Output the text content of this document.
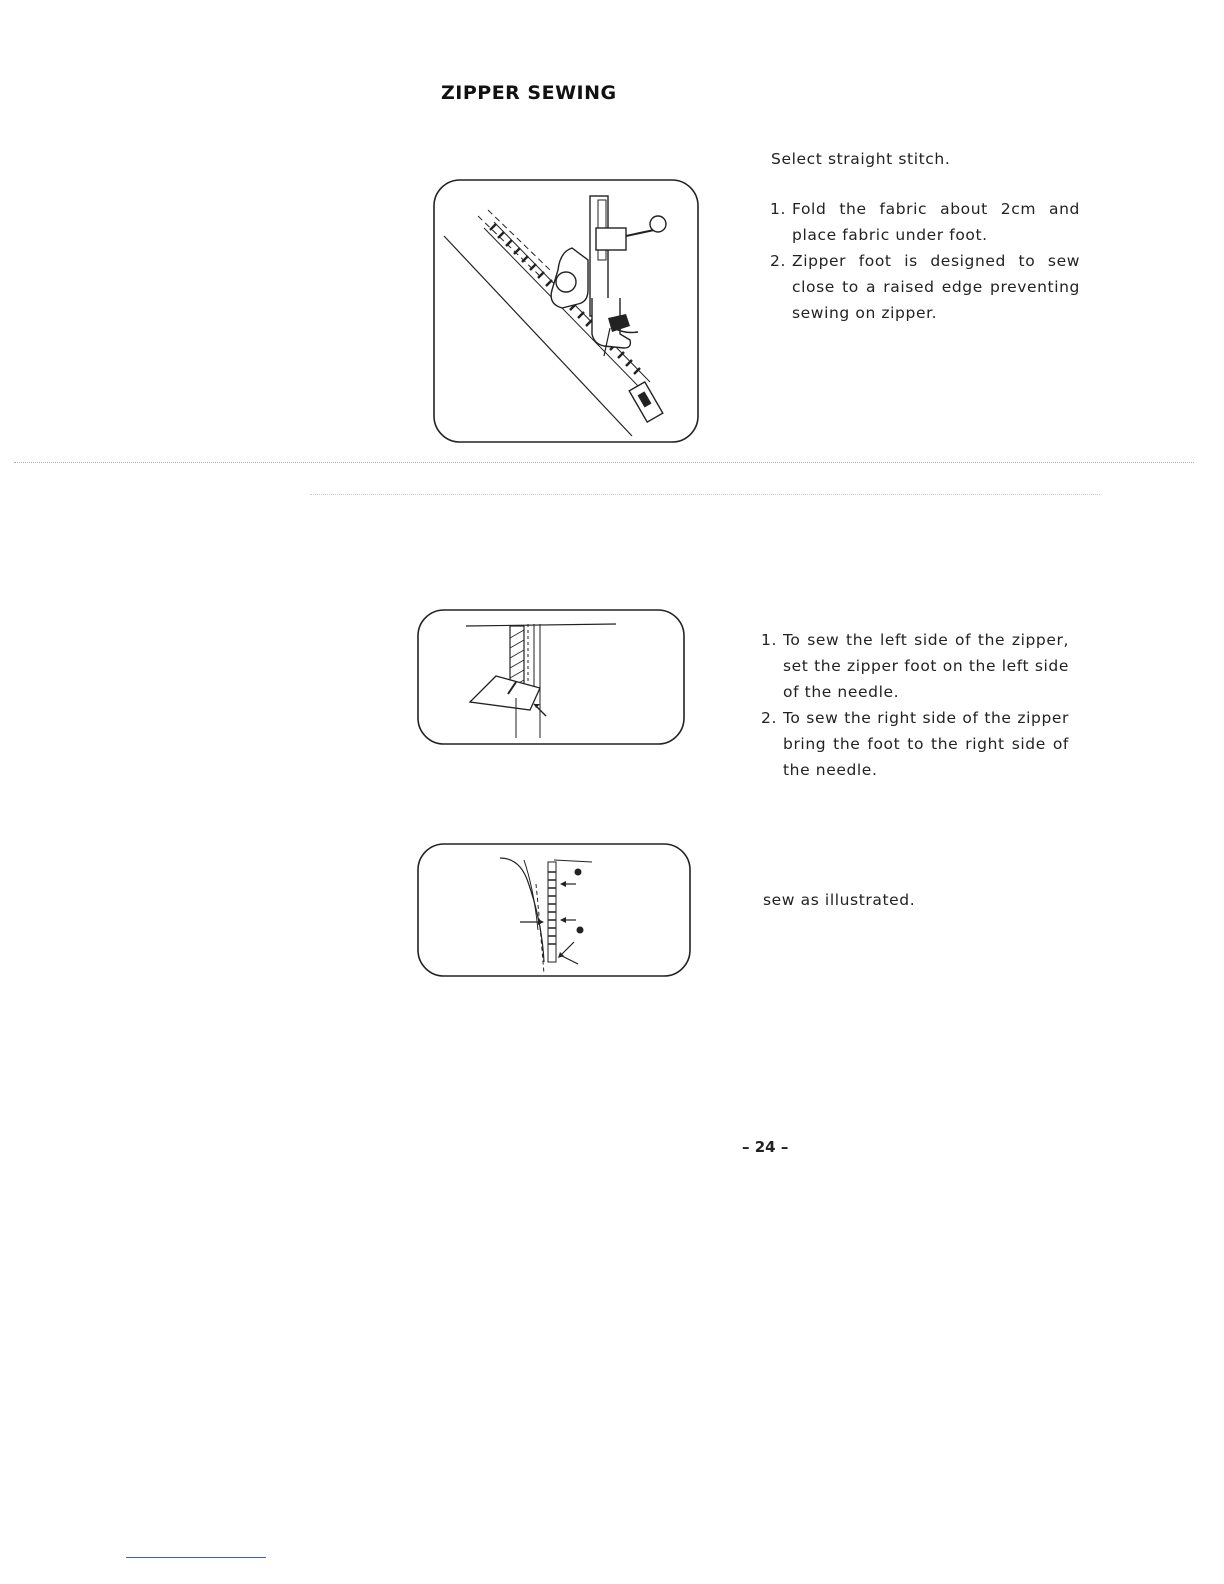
ZIPPER SEWING
Select straight stitch.
1. Fold the fabric about 2cm and place fabric under foot.
2. Zipper foot is designed to sew close to a raised edge preventing sewing on zipper.
1. To sew the left side of the zipper, set the zipper foot on the left side of the needle.
2. To sew the right side of the zipper bring the foot to the right side of the needle.
sew as illustrated.
– 24 –
